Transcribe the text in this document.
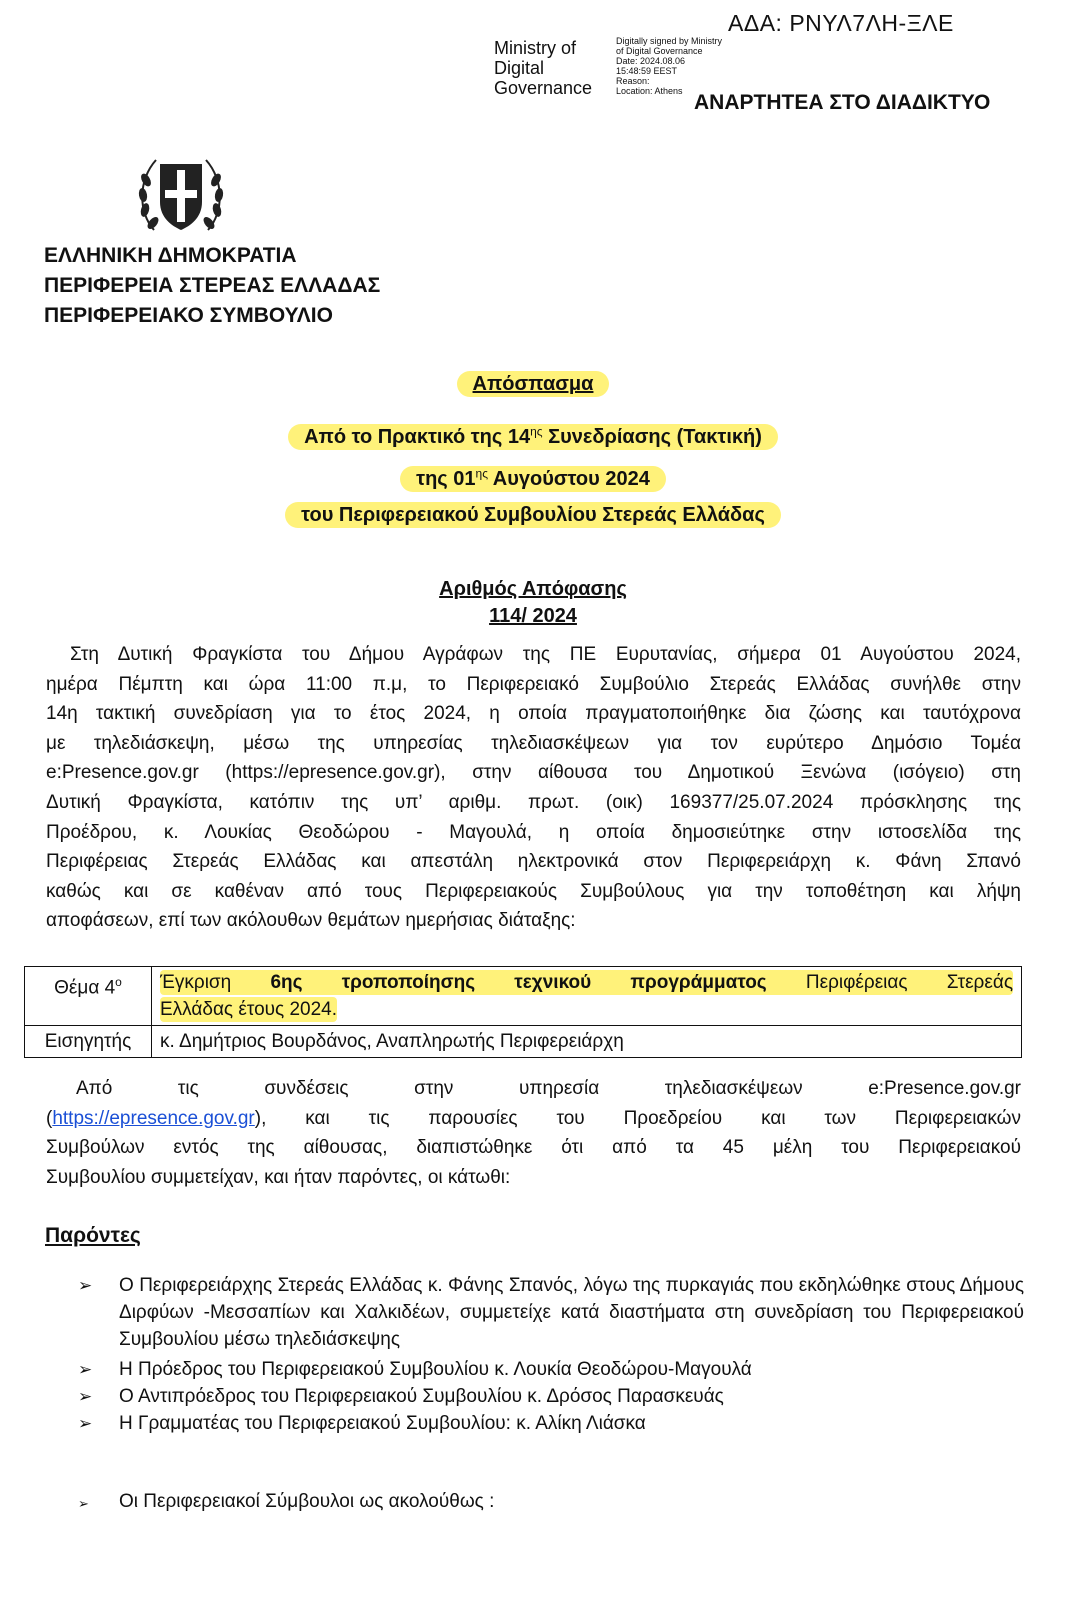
ΑΔΑ: ΡΝΥΛ7ΛΗ-ΞΛΕ
Ministry of
Digital
Governance
Digitally signed by Ministry
of Digital Governance
Date: 2024.08.06
15:48:59 EEST
Reason:
Location: Athens ΑΝΑΡΤΗΤΕΑ ΣΤΟ ΔΙΑΔΙΚΤΥΟ
ΕΛΛΗΝΙΚΗ ΔΗΜΟΚΡΑΤΙΑ
ΠΕΡΙΦΕΡΕΙΑ ΣΤΕΡΕΑΣ ΕΛΛΑΔΑΣ
ΠΕΡΙΦΕΡΕΙΑΚΟ ΣΥΜΒΟΥΛΙΟ
Απόσπασμα
Από το Πρακτικό της $14^{\eta\varsigma}$ Συνεδρίασης (Τακτική)
της $01^{\eta\varsigma}$ Αυγούστου 2024
του Περιφερειακού Συμβουλίου Στερεάς Ελλάδας
Αριθμός Απόφασης
114/ 2024
Στη Δυτική Φραγκίστα του Δήμου Αγράφων της ΠΕ Ευρυτανίας, σήμερα 01 Αυγούστου 2024,
ημέρα Πέμπτη και ώρα 11:00 π.μ, το Περιφερειακό Συμβούλιο Στερεάς Ελλάδας συνήλθε στην
14η τακτική συνεδρίαση για το έτος 2024, η οποία πραγματοποιήθηκε δια ζώσης και ταυτόχρονα
με τηλεδιάσκεψη, μέσω της υπηρεσίας τηλεδιασκέψεων για τον ευρύτερο Δημόσιο Τομέα
e:Presence.gov.gr (https://epresence.gov.gr), στην αίθουσα του Δημοτικού Ξενώνα (ισόγειο) στη
Δυτική Φραγκίστα, κατόπιν της υπ’ αριθμ. πρωτ. (οικ) 169377/25.07.2024 πρόσκλησης της
Προέδρου, κ. Λουκίας Θεοδώρου - Μαγουλά, η οποία δημοσιεύτηκε στην ιστοσελίδα της
Περιφέρειας Στερεάς Ελλάδας και απεστάλη ηλεκτρονικά στον Περιφερειάρχη κ. Φάνη Σπανό
καθώς και σε καθέναν από τους Περιφερειακούς Συμβούλους για την τοποθέτηση και λήψη
αποφάσεων, επί των ακόλουθων θεμάτων ημερήσιας διάταξης:
Θέμα $4^o$	Έγκριση 6ης τροποποίησης τεχνικού προγράμματος Περιφέρειας Στερεάς
Ελλάδας έτους 2024.

Εισηγητής	κ. Δημήτριος Βουρδάνος, Αναπληρωτής Περιφερειάρχη
Από τις συνδέσεις στην υπηρεσία τηλεδιασκέψεων e:Presence.gov.gr
(https://epresence.gov.gr), και τις παρουσίες του Προεδρείου και των Περιφερειακών
Συμβούλων εντός της αίθουσας, διαπιστώθηκε ότι από τα 45 μέλη του Περιφερειακού
Συμβουλίου συμμετείχαν, και ήταν παρόντες, οι κάτωθι:
Παρόντες
➢ Ο Περιφερειάρχης Στερεάς Ελλάδας κ. Φάνης Σπανός, λόγω της πυρκαγιάς που εκδηλώθηκε στους Δήμους Διρφύων -Μεσσαπίων και Χαλκιδέων, συμμετείχε κατά διαστήματα στη συνεδρίαση του Περιφερειακού Συμβουλίου μέσω τηλεδιάσκεψης
➢ Η Πρόεδρος του Περιφερειακού Συμβουλίου κ. Λουκία Θεοδώρου-Μαγουλά
➢ Ο Αντιπρόεδρος του Περιφερειακού Συμβουλίου κ. Δρόσος Παρασκευάς
➢ Η Γραμματέας του Περιφερειακού Συμβουλίου: κ. Αλίκη Λιάσκα
➢ Οι Περιφερειακοί Σύμβουλοι ως ακολούθως :
